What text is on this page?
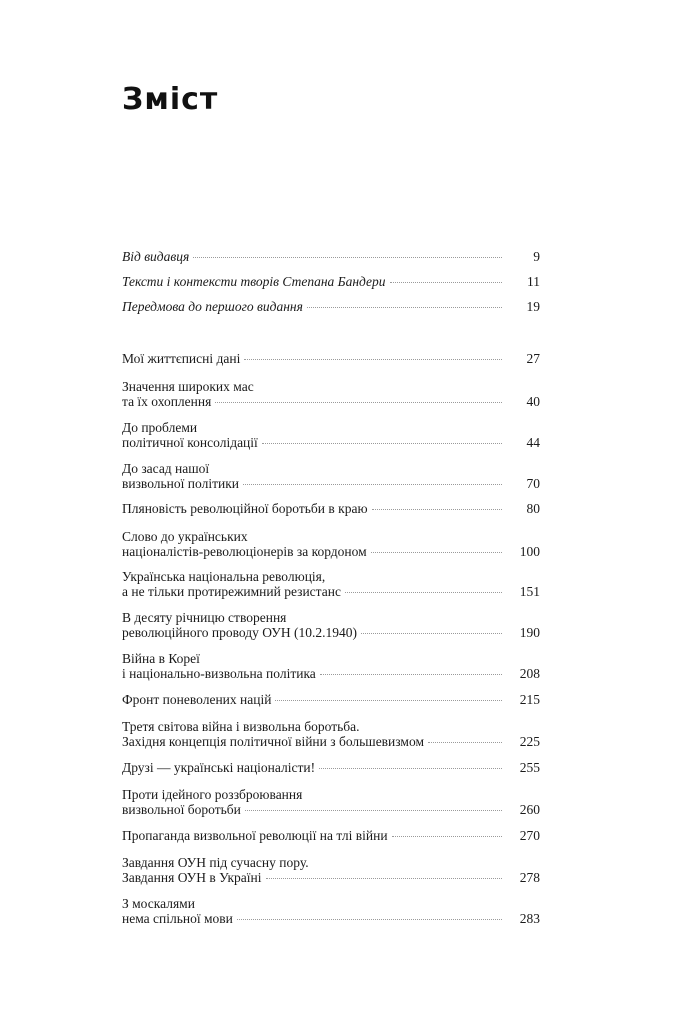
Зміст
Від видавця	9
Тексти і контексти творів Степана Бандери	11
Передмова до першого видання	19
Мої життєписні дані	27
Значення широких мас
та їх охоплення	40
До проблеми
політичної консолідації	44
До засад нашої
визвольної політики	70
Пляновість революційної боротьби в краю	80
Слово до українських
націоналістів-революціонерів за кордоном	100
Українська національна революція,
а не тільки протирежимний резистанс	151
В десяту річницю створення
революційного проводу ОУН (10.2.1940)	190
Війна в Кореї
і національно-визвольна політика	208
Фронт поневолених націй	215
Третя світова війна і визвольна боротьба.
Західня концепція політичної війни з большевизмом	225
Друзі — українські націоналісти!	255
Проти ідейного роззброювання
визвольної боротьби	260
Пропаганда визвольної революції на тлі війни	270
Завдання ОУН під сучасну пору.
Завдання ОУН в Україні	278
З москалями
нема спільної мови	283
